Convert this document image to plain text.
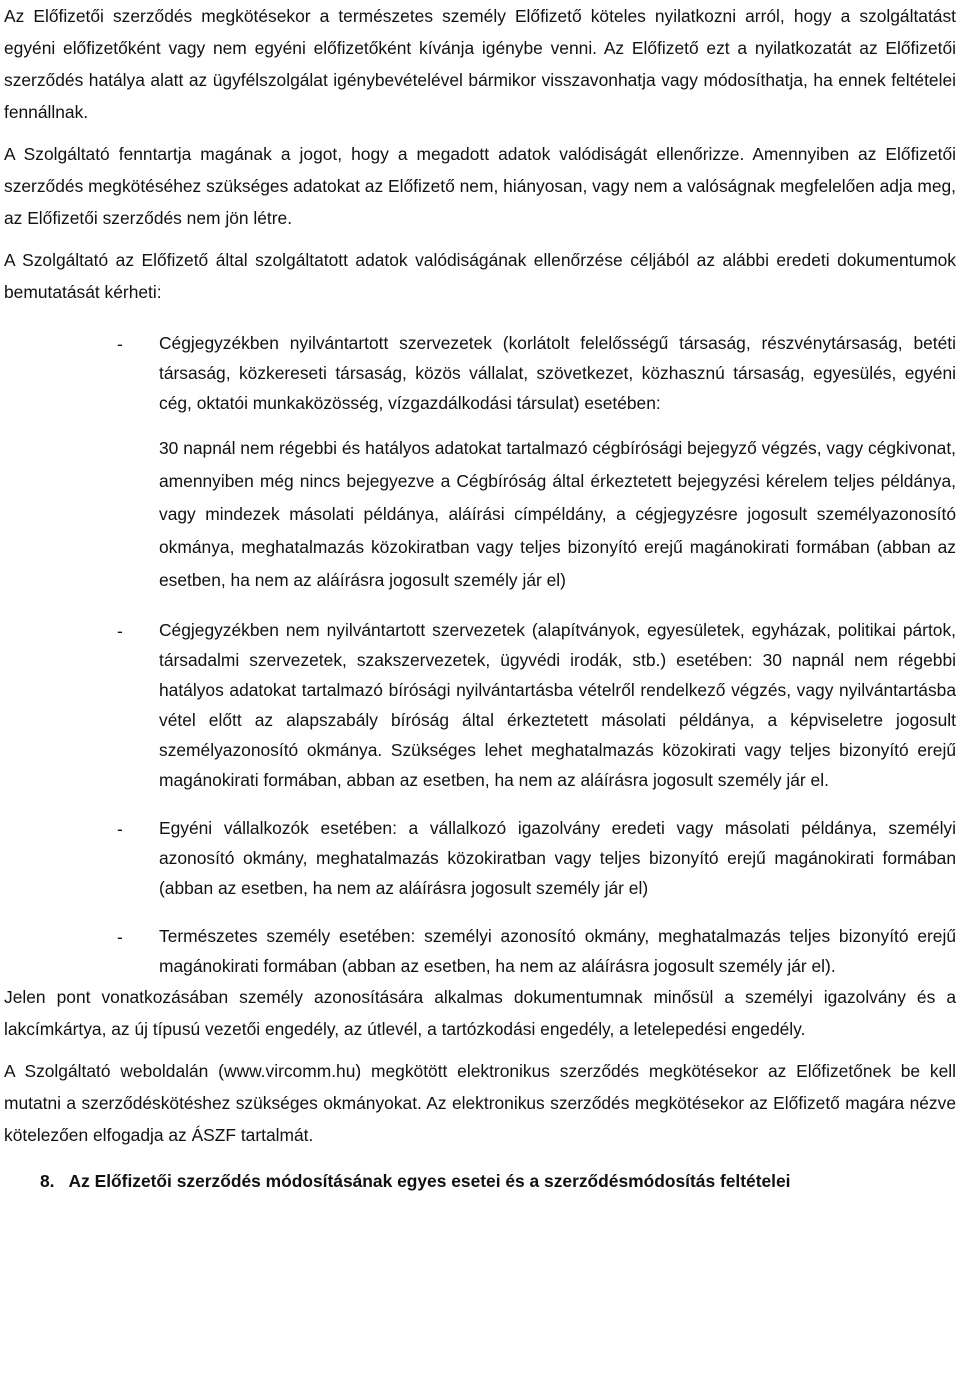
Az Előfizetői szerződés megkötésekor a természetes személy Előfizető köteles nyilatkozni arról, hogy a szolgáltatást egyéni előfizetőként vagy nem egyéni előfizetőként kívánja igénybe venni. Az Előfizető ezt a nyilatkozatát az Előfizetői szerződés hatálya alatt az ügyfélszolgálat igénybevételével bármikor visszavonhatja vagy módosíthatja, ha ennek feltételei fennállnak.

A Szolgáltató fenntartja magának a jogot, hogy a megadott adatok valódiságát ellenőrizze. Amennyiben az Előfizetői szerződés megkötéséhez szükséges adatokat az Előfizető nem, hiányosan, vagy nem a valóságnak megfelelően adja meg, az Előfizetői szerződés nem jön létre.

A Szolgáltató az Előfizető által szolgáltatott adatok valódiságának ellenőrzése céljából az alábbi eredeti dokumentumok bemutatását kérheti:

- Cégjegyzékben nyilvántartott szervezetek (korlátolt felelősségű társaság, részvénytársaság, betéti társaság, közkereseti társaság, közös vállalat, szövetkezet, közhasznú társaság, egyesülés, egyéni cég, oktatói munkaközösség, vízgazdálkodási társulat) esetében:

30 napnál nem régebbi és hatályos adatokat tartalmazó cégbírósági bejegyző végzés, vagy cégkivonat, amennyiben még nincs bejegyezve a Cégbíróság által érkeztetett bejegyzési kérelem teljes példánya, vagy mindezek másolati példánya, aláírási címpéldány, a cégjegyzésre jogosult személyazonosító okmánya, meghatalmazás közokiratban vagy teljes bizonyító erejű magánokirati formában (abban az esetben, ha nem az aláírásra jogosult személy jár el)

- Cégjegyzékben nem nyilvántartott szervezetek (alapítványok, egyesületek, egyházak, politikai pártok, társadalmi szervezetek, szakszervezetek, ügyvédi irodák, stb.) esetében: 30 napnál nem régebbi hatályos adatokat tartalmazó bírósági nyilvántartásba vételről rendelkező végzés, vagy nyilvántartásba vétel előtt az alapszabály bíróság által érkeztetett másolati példánya, a képviseletre jogosult személyazonosító okmánya. Szükséges lehet meghatalmazás közokirati vagy teljes bizonyító erejű magánokirati formában, abban az esetben, ha nem az aláírásra jogosult személy jár el.

- Egyéni vállalkozók esetében: a vállalkozó igazolvány eredeti vagy másolati példánya, személyi azonosító okmány, meghatalmazás közokiratban vagy teljes bizonyító erejű magánokirati formában (abban az esetben, ha nem az aláírásra jogosult személy jár el)

- Természetes személy esetében: személyi azonosító okmány, meghatalmazás teljes bizonyító erejű magánokirati formában (abban az esetben, ha nem az aláírásra jogosult személy jár el).

Jelen pont vonatkozásában személy azonosítására alkalmas dokumentumnak minősül a személyi igazolvány és a lakcímkártya, az új típusú vezetői engedély, az útlevél, a tartózkodási engedély, a letelepedési engedély.

A Szolgáltató weboldalán (www.vircomm.hu) megkötött elektronikus szerződés megkötésekor az Előfizetőnek be kell mutatni a szerződéskötéshez szükséges okmányokat. Az elektronikus szerződés megkötésekor az Előfizető magára nézve kötelezően elfogadja az ÁSZF tartalmát.

8. Az Előfizetői szerződés módosításának egyes esetei és a szerződésmódosítás feltételei
